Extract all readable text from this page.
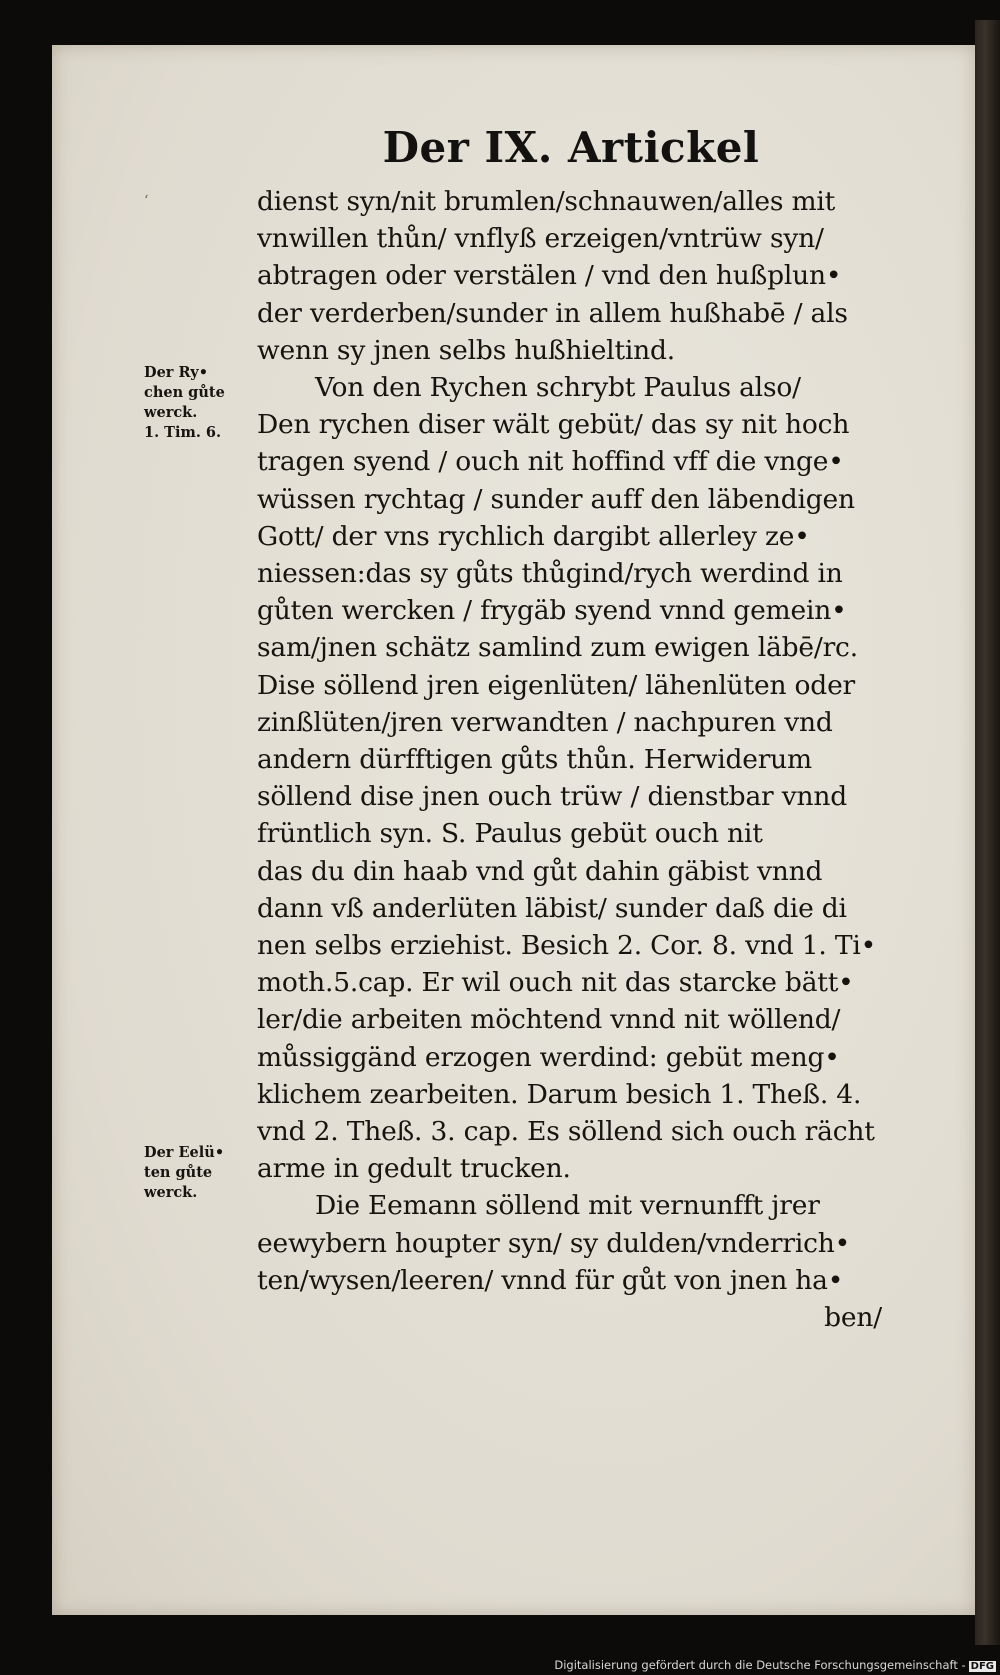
Der IX. Artickel
‘	dienst syn/nit brumlen/schnauwen/alles mit
vnwillen thůn/ vnflyß erzeigen/vntrüw syn/
abtragen oder verstälen / vnd den hußplun•
der verderben/sunder in allem hußhabē / als
wenn sy jnen selbs hußhieltind.
Von den Rychen schrybt Paulus also/
Den rychen diser wält gebüt/ das sy nit hoch
tragen syend / ouch nit hoffind vff die vnge•
wüssen rychtag / sunder auff den läbendigen
Gott/ der vns rychlich dargibt allerley ze•
niessen:das sy gůts thůgind/rych werdind in
gůten wercken / frygäb syend vnnd gemein•
sam/jnen schätz samlind zum ewigen läbē/rc.
Dise söllend jren eigenlüten/ lähenlüten oder
zinßlüten/jren verwandten / nachpuren vnd
andern dürfftigen gůts thůn. Herwiderum
söllend dise jnen ouch trüw / dienstbar vnnd
früntlich syn. S. Paulus gebüt ouch nit
das du din haab vnd gůt dahin gäbist vnnd
dann vß anderlüten läbist/ sunder daß die di
nen selbs erziehist. Besich 2. Cor. 8. vnd 1. Ti•
moth.5.cap. Er wil ouch nit das starcke bätt•
ler/die arbeiten möchtend vnnd nit wöllend/
můssiggänd erzogen werdind: gebüt meng•
klichem zearbeiten. Darum besich 1. Theß. 4.
vnd 2. Theß. 3. cap. Es söllend sich ouch rächt
arme in gedult trucken.
Die Eemann söllend mit vernunfft jrer
eewybern houpter syn/ sy dulden/vnderrich•
ten/wysen/leeren/ vnnd für gůt von jnen ha•
ben/
Der Ry•
chen gůte
werck.
1. Tim. 6.
Der Eelü•
ten gůte
werck.
Digitalisierung gefördert durch die Deutsche Forschungsgemeinschaft - DFG
